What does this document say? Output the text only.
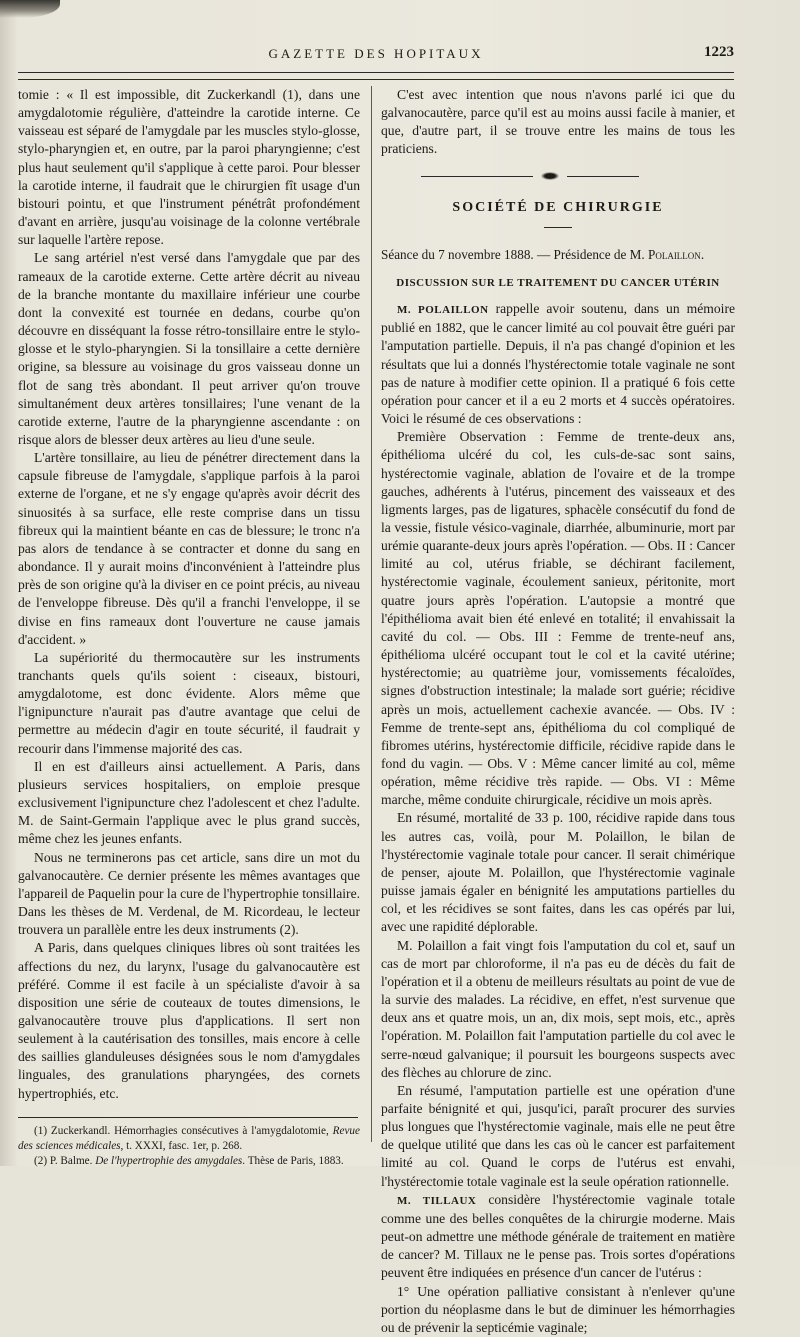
GAZETTE DES HOPITAUX	1223

tomie : « Il est impossible, dit Zuckerkandl (1), dans une amygdalotomie régulière, d'atteindre la carotide interne. Ce vaisseau est séparé de l'amygdale par les muscles stylo-glosse, stylo-pharyngien et, en outre, par la paroi pharyngienne; c'est plus haut seulement qu'il s'applique à cette paroi. Pour blesser la carotide interne, il faudrait que le chirurgien fît usage d'un bistouri pointu, et que l'instrument pénétrât profondément d'avant en arrière, jusqu'au voisinage de la colonne vertébrale sur laquelle l'artère repose.

Le sang artériel n'est versé dans l'amygdale que par des rameaux de la carotide externe. Cette artère décrit au niveau de la branche montante du maxillaire inférieur une courbe dont la convexité est tournée en dedans, courbe qu'on découvre en disséquant la fosse rétro-tonsillaire entre le stylo-glosse et le stylo-pharyngien. Si la tonsillaire a cette dernière origine, sa blessure au voisinage du gros vaisseau donne un flot de sang très abondant. Il peut arriver qu'on trouve simultanément deux artères tonsillaires; l'une venant de la carotide externe, l'autre de la pharyngienne ascendante : on risque alors de blesser deux artères au lieu d'une seule.

L'artère tonsillaire, au lieu de pénétrer directement dans la capsule fibreuse de l'amygdale, s'applique parfois à la paroi externe de l'organe, et ne s'y engage qu'après avoir décrit des sinuosités à sa surface, elle reste comprise dans un tissu fibreux qui la maintient béante en cas de blessure; le tronc n'a pas alors de tendance à se contracter et donne du sang en abondance. Il y aurait moins d'inconvénient à l'atteindre plus près de son origine qu'à la diviser en ce point précis, au niveau de l'enveloppe fibreuse. Dès qu'il a franchi l'enveloppe, il se divise en fins rameaux dont l'ouverture ne cause jamais d'accident. »

La supériorité du thermocautère sur les instruments tranchants quels qu'ils soient : ciseaux, bistouri, amygdalotome, est donc évidente. Alors même que l'ignipuncture n'aurait pas d'autre avantage que celui de permettre au médecin d'agir en toute sécurité, il faudrait y recourir dans l'immense majorité des cas.

Il en est d'ailleurs ainsi actuellement. A Paris, dans plusieurs services hospitaliers, on emploie presque exclusivement l'ignipuncture chez l'adolescent et chez l'adulte. M. de Saint-Germain l'applique avec le plus grand succès, même chez les jeunes enfants.

Nous ne terminerons pas cet article, sans dire un mot du galvanocautère. Ce dernier présente les mêmes avantages que l'appareil de Paquelin pour la cure de l'hypertrophie tonsillaire. Dans les thèses de M. Verdenal, de M. Ricordeau, le lecteur trouvera un parallèle entre les deux instruments (2).

A Paris, dans quelques cliniques libres où sont traitées les affections du nez, du larynx, l'usage du galvanocautère est préféré. Comme il est facile à un spécialiste d'avoir à sa disposition une série de couteaux de toutes dimensions, le galvanocautère trouve plus d'applications. Il sert non seulement à la cautérisation des tonsilles, mais encore à celle des saillies glanduleuses désignées sous le nom d'amygdales linguales, des granulations pharyngées, des cornets hypertrophiés, etc.

(1) Zuckerkandl. Hémorrhagies consécutives à l'amygdalotomie, Revue des sciences médicales, t. XXXI, fasc. 1er, p. 268.

(2) P. Balme. De l'hypertrophie des amygdales. Thèse de Paris, 1883.

C'est avec intention que nous n'avons parlé ici que du galvanocautère, parce qu'il est au moins aussi facile à manier, et que, d'autre part, il se trouve entre les mains de tous les praticiens.

SOCIÉTÉ DE CHIRURGIE

Séance du 7 novembre 1888. — Présidence de M. Polaillon.

DISCUSSION SUR LE TRAITEMENT DU CANCER UTÉRIN

M. POLAILLON rappelle avoir soutenu, dans un mémoire publié en 1882, que le cancer limité au col pouvait être guéri par l'amputation partielle. Depuis, il n'a pas changé d'opinion et les résultats que lui a donnés l'hystérectomie totale vaginale ne sont pas de nature à modifier cette opinion. Il a pratiqué 6 fois cette opération pour cancer et il a eu 2 morts et 4 succès opératoires. Voici le résumé de ces observations :

Première Observation : Femme de trente-deux ans, épithélioma ulcéré du col, les culs-de-sac sont sains, hystérectomie vaginale, ablation de l'ovaire et de la trompe gauches, adhérents à l'utérus, pincement des vaisseaux et des ligments larges, pas de ligatures, sphacèle consécutif du fond de la vessie, fistule vésico-vaginale, diarrhée, albuminurie, mort par urémie quarante-deux jours après l'opération. — Obs. II : Cancer limité au col, utérus friable, se déchirant facilement, hystérectomie vaginale, écoulement sanieux, péritonite, mort quatre jours après l'opération. L'autopsie a montré que l'épithélioma avait bien été enlevé en totalité; il envahissait la cavité du col. — Obs. III : Femme de trente-neuf ans, épithélioma ulcéré occupant tout le col et la cavité utérine; hystérectomie; au quatrième jour, vomissements fécaloïdes, signes d'obstruction intestinale; la malade sort guérie; récidive après un mois, actuellement cachexie avancée. — Obs. IV : Femme de trente-sept ans, épithélioma du col compliqué de fibromes utérins, hystérectomie difficile, récidive rapide dans le fond du vagin. — Obs. V : Même cancer limité au col, même opération, même récidive très rapide. — Obs. VI : Même marche, même conduite chirurgicale, récidive un mois après.

En résumé, mortalité de 33 p. 100, récidive rapide dans tous les autres cas, voilà, pour M. Polaillon, le bilan de l'hystérectomie vaginale totale pour cancer. Il serait chimérique de penser, ajoute M. Polaillon, que l'hystérectomie vaginale puisse jamais égaler en bénignité les amputations partielles du col, et les récidives se sont faites, dans les cas opérés par lui, avec une rapidité déplorable.

M. Polaillon a fait vingt fois l'amputation du col et, sauf un cas de mort par chloroforme, il n'a pas eu de décès du fait de l'opération et il a obtenu de meilleurs résultats au point de vue de la survie des malades. La récidive, en effet, n'est survenue que deux ans et quatre mois, un an, dix mois, sept mois, etc., après l'opération. M. Polaillon fait l'amputation partielle du col avec le serre-nœud galvanique; il poursuit les bourgeons suspects avec des flèches au chlorure de zinc.

En résumé, l'amputation partielle est une opération d'une parfaite bénignité et qui, jusqu'ici, paraît procurer des survies plus longues que l'hystérectomie vaginale, mais elle ne peut être de quelque utilité que dans les cas où le cancer est parfaitement limité au col. Quand le corps de l'utérus est envahi, l'hystérectomie totale vaginale est la seule opération rationnelle.

M. TILLAUX considère l'hystérectomie vaginale totale comme une des belles conquêtes de la chirurgie moderne. Mais peut-on admettre une méthode générale de traitement en matière de cancer? M. Tillaux ne le pense pas. Trois sortes d'opérations peuvent être indiquées en présence d'un cancer de l'utérus :

1° Une opération palliative consistant à n'enlever qu'une portion du néoplasme dans le but de diminuer les hémorrhagies ou de prévenir la septicémie vaginale;
